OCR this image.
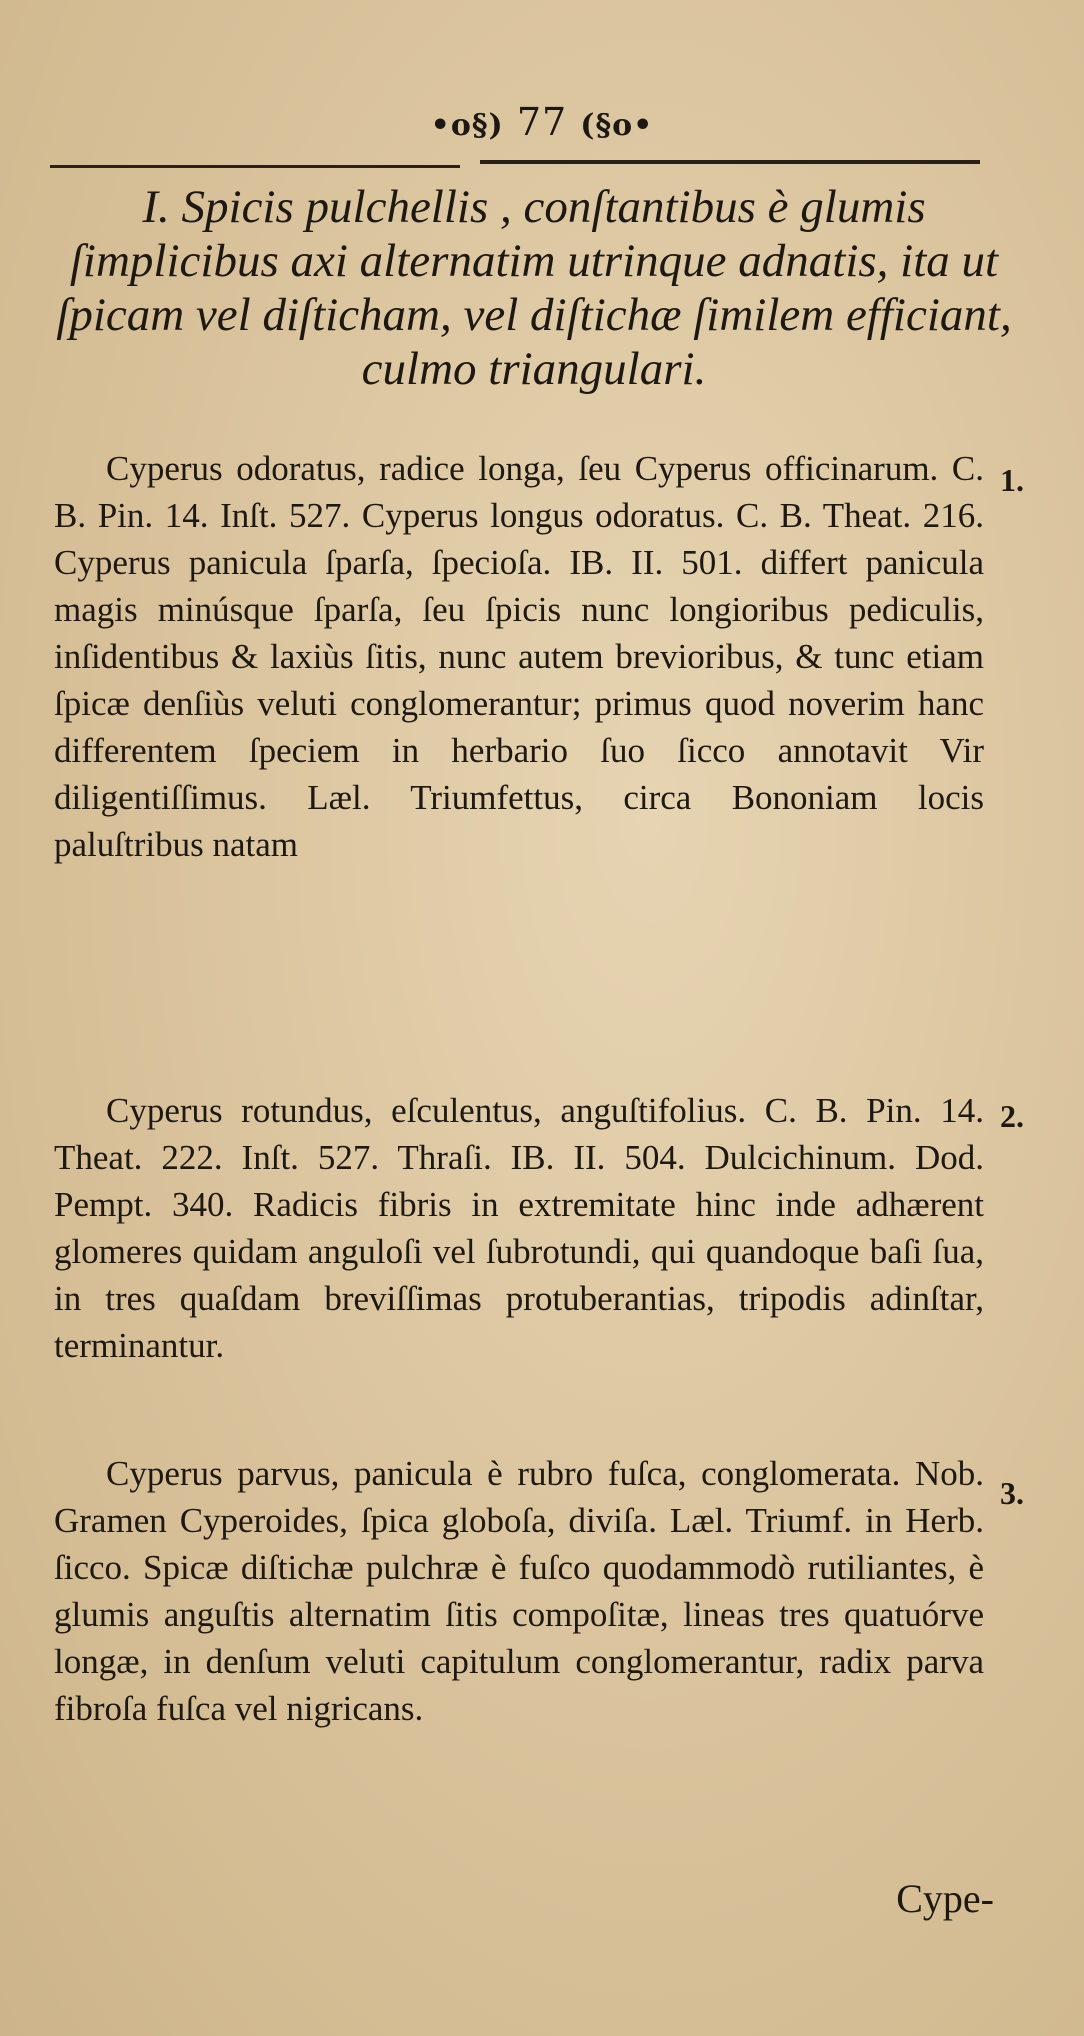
•o§) 77 (§o•
I. Spicis pulchellis , conſtantibus è glumis ſimplicibus axi alternatim utrinque adnatis, ita ut ſpicam vel diſticham, vel diſtichæ ſimilem efficiant, culmo triangulari.
Cyperus odoratus, radice longa, ſeu Cyperus officinarum. C. B. Pin. 14. Inſt. 527. Cyperus longus odoratus. C. B. Theat. 216. Cyperus panicula ſparſa, ſpecioſa. IB. II. 501. differt panicula magis minúsque ſparſa, ſeu ſpicis nunc longioribus pediculis, inſidentibus & laxiùs ſitis, nunc autem brevioribus, & tunc etiam ſpicæ denſiùs veluti conglomerantur; primus quod noverim hanc differentem ſpeciem in herbario ſuo ſicco annotavit Vir diligentiſſimus. Læl. Triumfettus, circa Bononiam locis paluſtribus natam
1.
Cyperus rotundus, eſculentus, anguſtifolius. C. B. Pin. 14. Theat. 222. Inſt. 527. Thraſi. IB. II. 504. Dulcichinum. Dod. Pempt. 340. Radicis fibris in extremitate hinc inde adhærent glomeres quidam anguloſi vel ſubrotundi, qui quandoque baſi ſua, in tres quaſdam breviſſimas protuberantias, tripodis adinſtar, terminantur.
2.
Cyperus parvus, panicula è rubro fuſca, conglomerata. Nob. Gramen Cyperoides, ſpica globoſa, diviſa. Læl. Triumf. in Herb. ſicco. Spicæ diſtichæ pulchræ è fuſco quodammodò rutiliantes, è glumis anguſtis alternatim ſitis compoſitæ, lineas tres quatuórve longæ, in denſum veluti capitulum conglomerantur, radix parva fibroſa fuſca vel nigricans.
3.
Cype-
